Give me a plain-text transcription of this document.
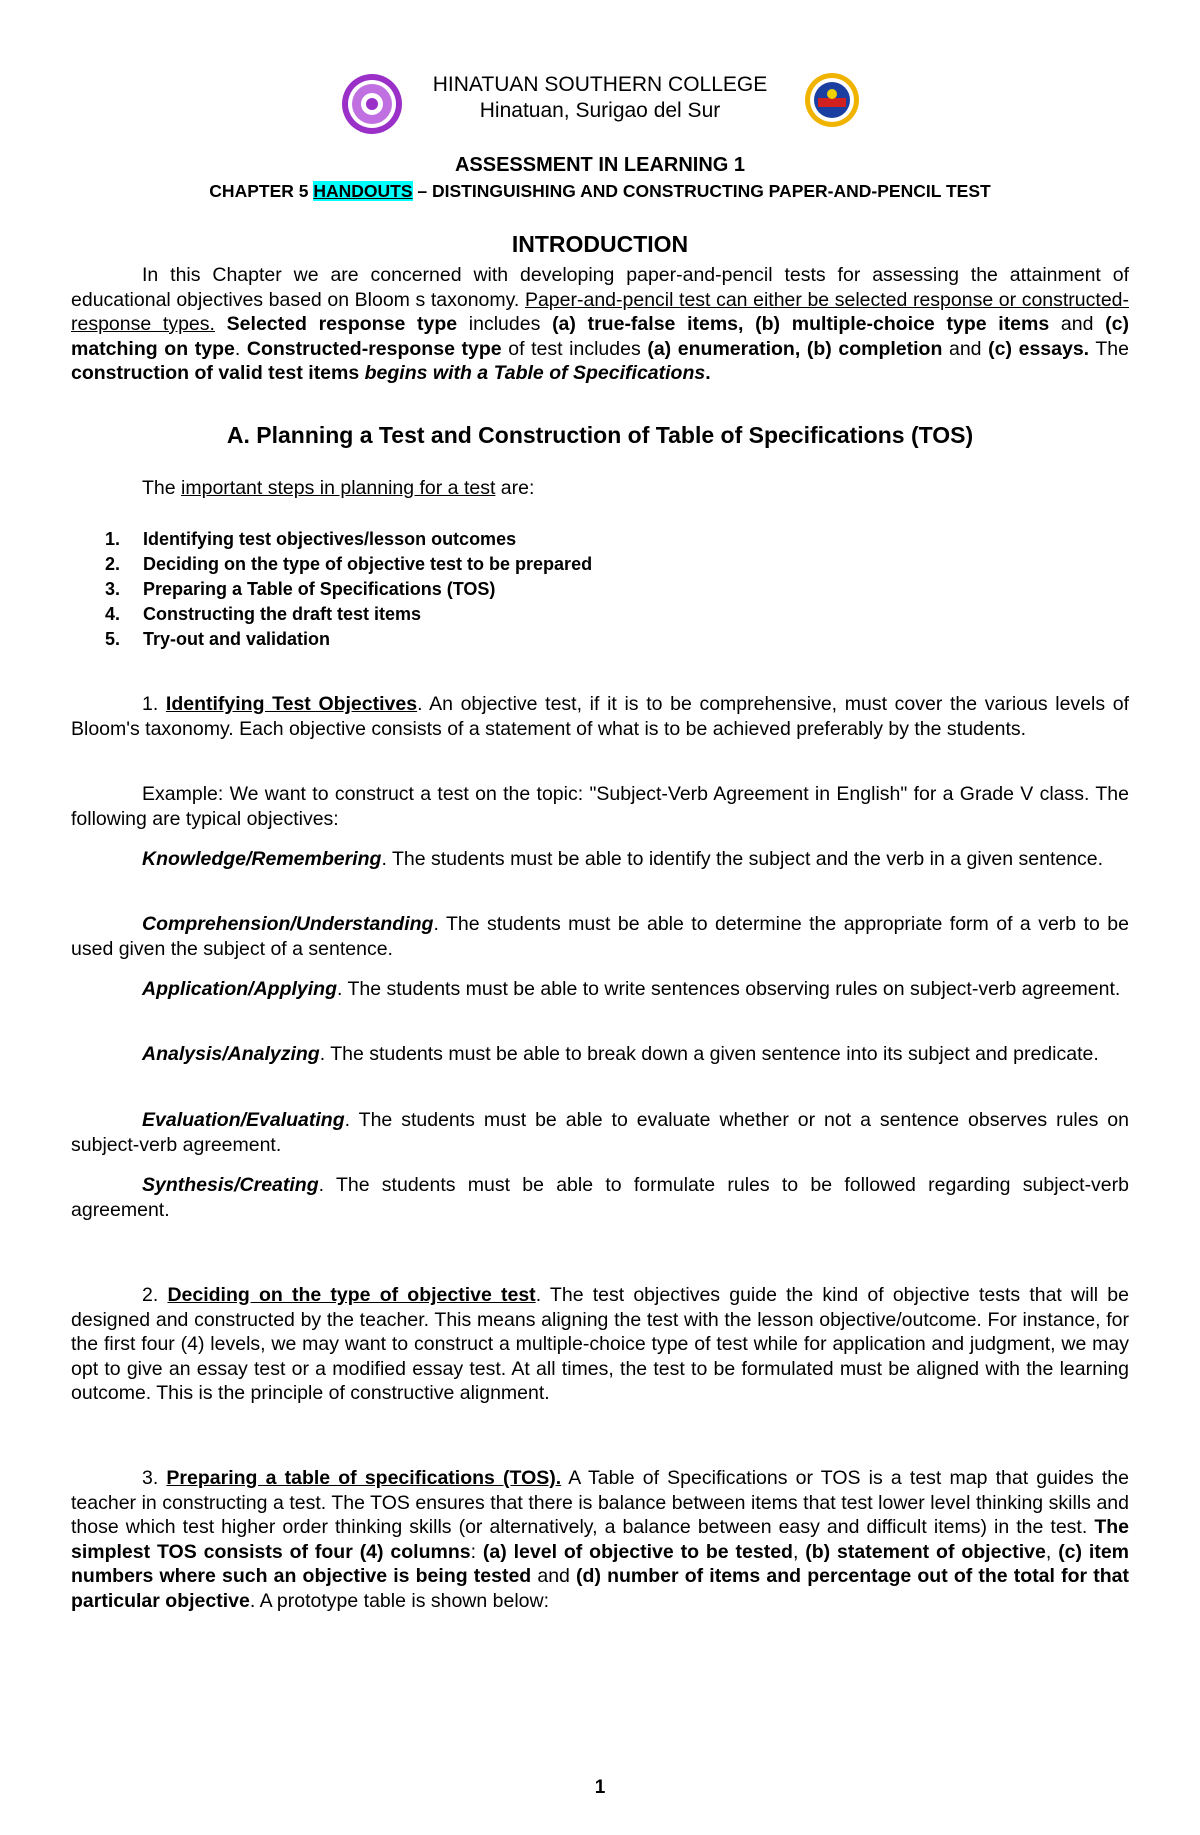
HINATUAN SOUTHERN COLLEGE
Hinatuan, Surigao del Sur
ASSESSMENT IN LEARNING 1
CHAPTER 5 HANDOUTS – DISTINGUISHING AND CONSTRUCTING PAPER-AND-PENCIL TEST
INTRODUCTION
In this Chapter we are concerned with developing paper-and-pencil tests for assessing the attainment of educational objectives based on Bloom s taxonomy. Paper-and-pencil test can either be selected response or constructed-response types. Selected response type includes (a) true-false items, (b) multiple-choice type items and (c) matching on type. Constructed-response type of test includes (a) enumeration, (b) completion and (c) essays. The construction of valid test items begins with a Table of Specifications.
A. Planning a Test and Construction of Table of Specifications (TOS)
The important steps in planning for a test are:
1. Identifying test objectives/lesson outcomes
2. Deciding on the type of objective test to be prepared
3. Preparing a Table of Specifications (TOS)
4. Constructing the draft test items
5. Try-out and validation
1. Identifying Test Objectives. An objective test, if it is to be comprehensive, must cover the various levels of Bloom's taxonomy. Each objective consists of a statement of what is to be achieved preferably by the students.
Example: We want to construct a test on the topic: "Subject-Verb Agreement in English" for a Grade V class. The following are typical objectives:
Knowledge/Remembering. The students must be able to identify the subject and the verb in a given sentence.
Comprehension/Understanding. The students must be able to determine the appropriate form of a verb to be used given the subject of a sentence.
Application/Applying. The students must be able to write sentences observing rules on subject-verb agreement.
Analysis/Analyzing. The students must be able to break down a given sentence into its subject and predicate.
Evaluation/Evaluating. The students must be able to evaluate whether or not a sentence observes rules on subject-verb agreement.
Synthesis/Creating. The students must be able to formulate rules to be followed regarding subject-verb agreement.
2. Deciding on the type of objective test. The test objectives guide the kind of objective tests that will be designed and constructed by the teacher. This means aligning the test with the lesson objective/outcome. For instance, for the first four (4) levels, we may want to construct a multiple-choice type of test while for application and judgment, we may opt to give an essay test or a modified essay test. At all times, the test to be formulated must be aligned with the learning outcome. This is the principle of constructive alignment.
3. Preparing a table of specifications (TOS). A Table of Specifications or TOS is a test map that guides the teacher in constructing a test. The TOS ensures that there is balance between items that test lower level thinking skills and those which test higher order thinking skills (or alternatively, a balance between easy and difficult items) in the test. The simplest TOS consists of four (4) columns: (a) level of objective to be tested, (b) statement of objective, (c) item numbers where such an objective is being tested and (d) number of items and percentage out of the total for that particular objective. A prototype table is shown below:
1
